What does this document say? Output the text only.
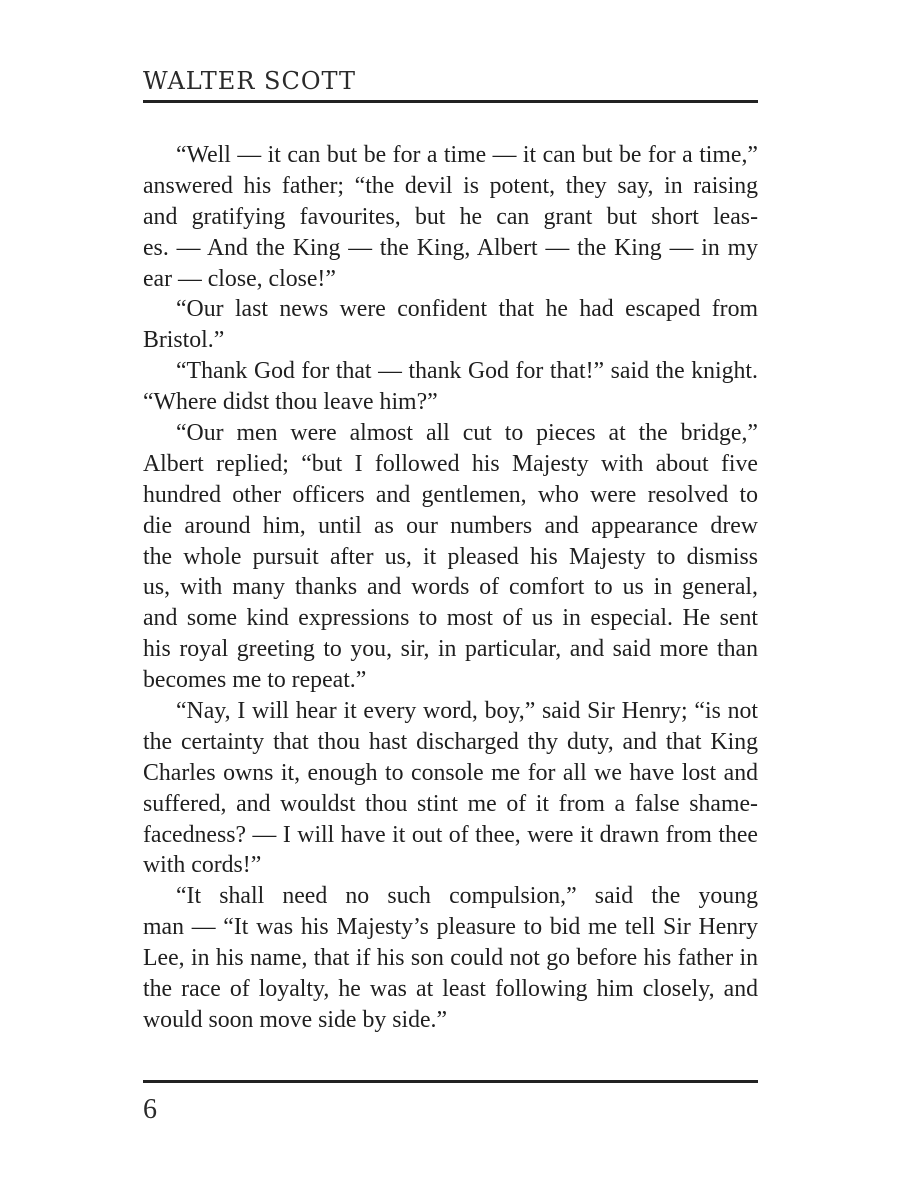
WALTER SCOTT
“Well — it can but be for a time — it can but be for a time,”
answered his father; “the devil is potent, they say, in raising
and gratifying favourites, but he can grant but short leas-
es. — And the King — the King, Albert — the King — in my
ear — close, close!”
“Our last news were confident that he had escaped from
Bristol.”
“Thank God for that — thank God for that!” said the knight.
“Where didst thou leave him?”
“Our men were almost all cut to pieces at the bridge,”
Albert replied; “but I followed his Majesty with about five
hundred other officers and gentlemen, who were resolved to
die around him, until as our numbers and appearance drew
the whole pursuit after us, it pleased his Majesty to dismiss
us, with many thanks and words of comfort to us in general,
and some kind expressions to most of us in especial. He sent
his royal greeting to you, sir, in particular, and said more than
becomes me to repeat.”
“Nay, I will hear it every word, boy,” said Sir Henry; “is not
the certainty that thou hast discharged thy duty, and that King
Charles owns it, enough to console me for all we have lost and
suffered, and wouldst thou stint me of it from a false shame-
facedness? — I will have it out of thee, were it drawn from thee
with cords!”
“It shall need no such compulsion,” said the young
man — “It was his Majesty’s pleasure to bid me tell Sir Henry
Lee, in his name, that if his son could not go before his father in
the race of loyalty, he was at least following him closely, and
would soon move side by side.”
6
